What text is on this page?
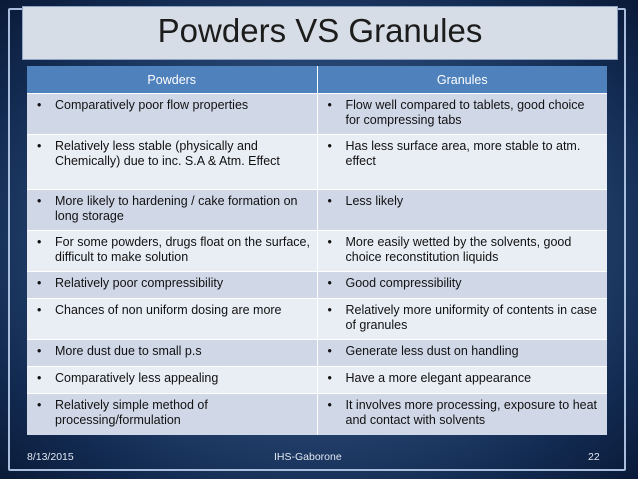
Powders VS Granules
Powders	Granules

• Comparatively poor flow properties	• Flow well compared to tablets, good choice for compressing tabs

• Relatively less stable (physically and Chemically) due to inc. S.A & Atm. Effect	• Has less surface area, more stable to atm. effect

• More likely to hardening / cake formation on long storage	• Less likely

• For some powders, drugs float on the surface, difficult to make solution	• More easily wetted by the solvents, good choice reconstitution liquids

• Relatively poor compressibility	• Good compressibility

• Chances of non uniform dosing are more	• Relatively more uniformity of contents in case of granules

• More dust due to small p.s	• Generate less dust on handling

• Comparatively less appealing	• Have a more elegant appearance

• Relatively simple method of processing/formulation	• It involves more processing, exposure to heat and contact with solvents
8/13/2015	IHS-Gaborone	22
